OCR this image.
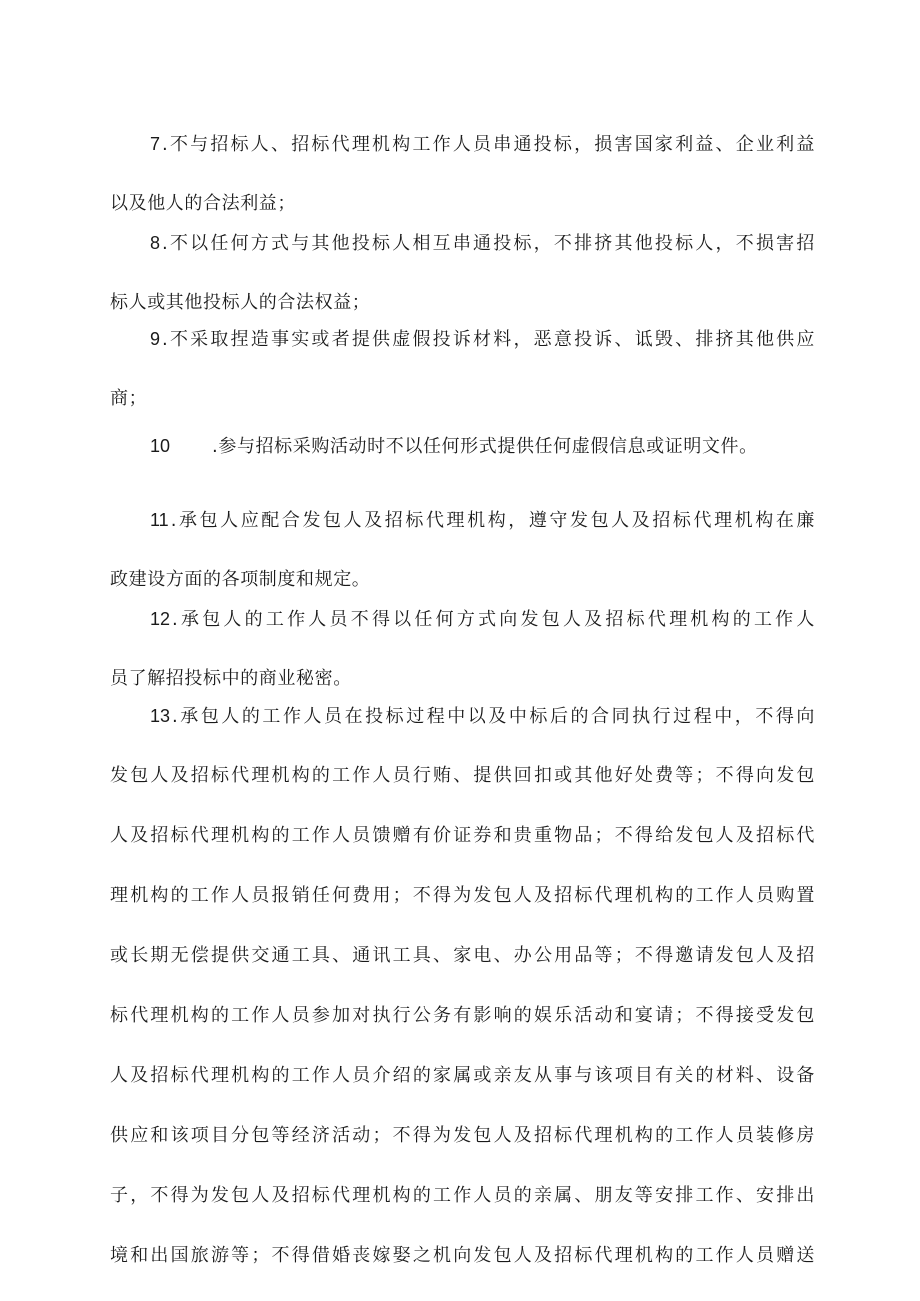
7 .不与招标人、招标代理机构工作人员串通投标，损害国家利益、企业利益
以及他人的合法利益；
8 .不以任何方式与其他投标人相互串通投标，不排挤其他投标人，不损害招
标人或其他投标人的合法权益；
9 .不采取捏造事实或者提供虚假投诉材料，恶意投诉、诋毁、排挤其他供应
商；
10 .参与招标采购活动时不以任何形式提供任何虚假信息或证明文件。
11 .承包人应配合发包人及招标代理机构，遵守发包人及招标代理机构在廉
政建设方面的各项制度和规定。
12 .承包人的工作人员不得以任何方式向发包人及招标代理机构的工作人
员了解招投标中的商业秘密。
13 .承包人的工作人员在投标过程中以及中标后的合同执行过程中，不得向
发包人及招标代理机构的工作人员行贿、提供回扣或其他好处费等；不得向发包
人及招标代理机构的工作人员馈赠有价证券和贵重物品；不得给发包人及招标代
理机构的工作人员报销任何费用；不得为发包人及招标代理机构的工作人员购置
或长期无偿提供交通工具、通讯工具、家电、办公用品等；不得邀请发包人及招
标代理机构的工作人员参加对执行公务有影响的娱乐活动和宴请；不得接受发包
人及招标代理机构的工作人员介绍的家属或亲友从事与该项目有关的材料、设备
供应和该项目分包等经济活动；不得为发包人及招标代理机构的工作人员装修房
子，不得为发包人及招标代理机构的工作人员的亲属、朋友等安排工作、安排出
境和出国旅游等；不得借婚丧嫁娶之机向发包人及招标代理机构的工作人员赠送
